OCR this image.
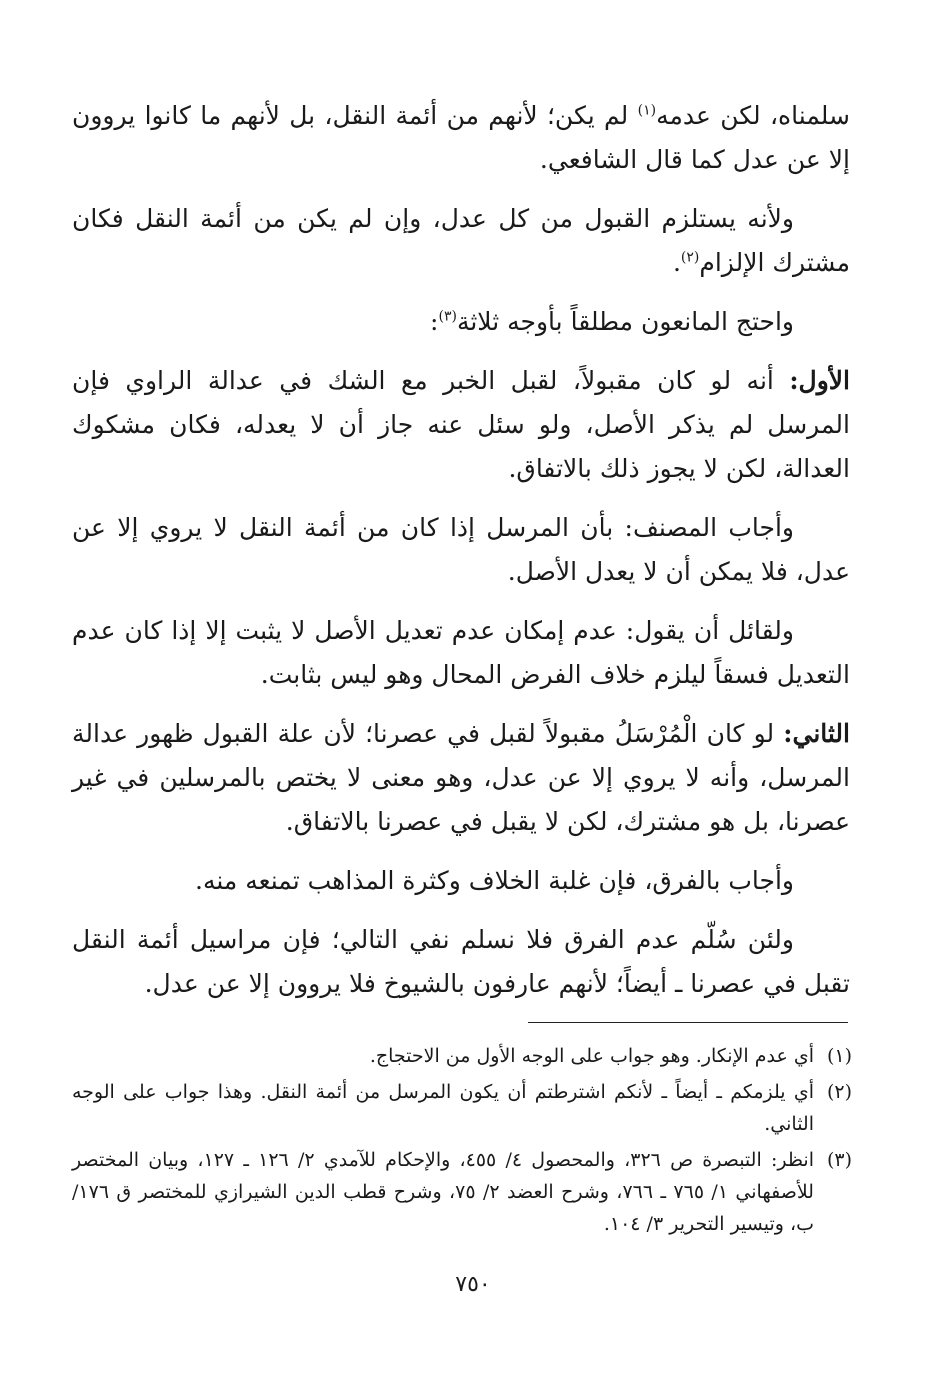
سلمناه، لكن عدمه$^{(١)}$ لم يكن؛ لأنهم من أئمة النقل، بل لأنهم ما كانوا يروون إلا عن عدل كما قال الشافعي.

ولأنه يستلزم القبول من كل عدل، وإن لم يكن من أئمة النقل فكان مشترك الإلزام$^{(٢)}$.

واحتج المانعون مطلقاً بأوجه ثلاثة$^{(٣)}$:

الأول: أنه لو كان مقبولاً، لقبل الخبر مع الشك في عدالة الراوي فإن المرسل لم يذكر الأصل، ولو سئل عنه جاز أن لا يعدله، فكان مشكوك العدالة، لكن لا يجوز ذلك بالاتفاق.

وأجاب المصنف: بأن المرسل إذا كان من أئمة النقل لا يروي إلا عن عدل، فلا يمكن أن لا يعدل الأصل.

ولقائل أن يقول: عدم إمكان عدم تعديل الأصل لا يثبت إلا إذا كان عدم التعديل فسقاً ليلزم خلاف الفرض المحال وهو ليس بثابت.

الثاني: لو كان الْمُرْسَلُ مقبولاً لقبل في عصرنا؛ لأن علة القبول ظهور عدالة المرسل، وأنه لا يروي إلا عن عدل، وهو معنى لا يختص بالمرسلين في غير عصرنا، بل هو مشترك، لكن لا يقبل في عصرنا بالاتفاق.

وأجاب بالفرق، فإن غلبة الخلاف وكثرة المذاهب تمنعه منه.

ولئن سُلّم عدم الفرق فلا نسلم نفي التالي؛ فإن مراسيل أئمة النقل تقبل في عصرنا ـ أيضاً؛ لأنهم عارفون بالشيوخ فلا يروون إلا عن عدل.

(١)
أي عدم الإنكار. وهو جواب على الوجه الأول من الاحتجاج.
(٢)
أي يلزمكم ـ أيضاً ـ لأنكم اشترطتم أن يكون المرسل من أئمة النقل. وهذا جواب على الوجه الثاني.
(٣)
انظر: التبصرة ص ٣٢٦، والمحصول ٤/ ٤٥٥، والإحكام للآمدي ٢/ ١٢٦ ـ ١٢٧، وبيان المختصر للأصفهاني ١/ ٧٦٥ ـ ٧٦٦، وشرح العضد ٢/ ٧٥، وشرح قطب الدين الشيرازي للمختصر ق ١٧٦/ب، وتيسير التحرير ٣/ ١٠٤.
٧٥٠
